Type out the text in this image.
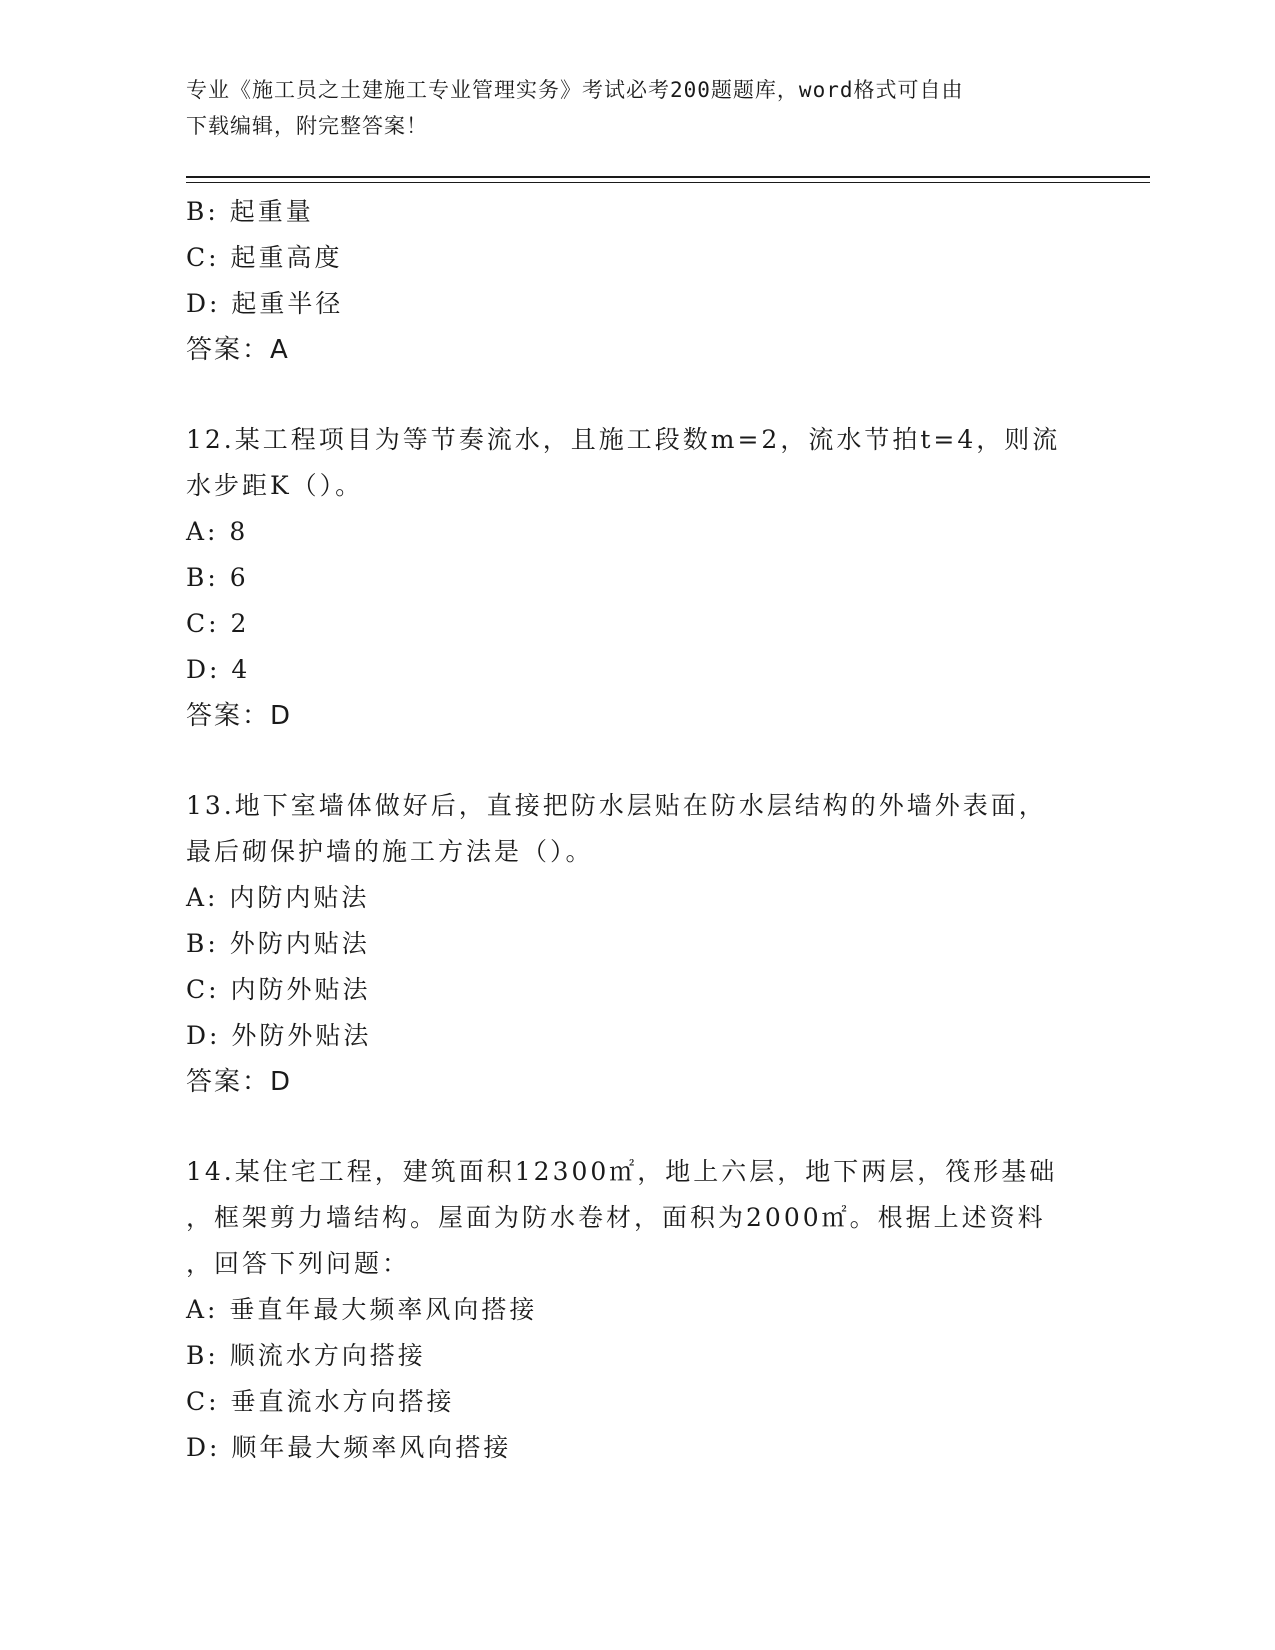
专业《施工员之土建施工专业管理实务》考试必考200题题库，word格式可自由
下载编辑，附完整答案！
B: 起重量
C: 起重高度
D: 起重半径
答案：A
12.某工程项目为等节奏流水，且施工段数m=2，流水节拍t=4，则流
水步距K（）。
A: 8
B: 6
C: 2
D: 4
答案：D
13.地下室墙体做好后，直接把防水层贴在防水层结构的外墙外表面，
最后砌保护墙的施工方法是（）。
A: 内防内贴法
B: 外防内贴法
C: 内防外贴法
D: 外防外贴法
答案：D
14.某住宅工程，建筑面积12300㎡，地上六层，地下两层，筏形基础
，框架剪力墙结构。屋面为防水卷材，面积为2000㎡。根据上述资料
，回答下列问题：
A: 垂直年最大频率风向搭接
B: 顺流水方向搭接
C: 垂直流水方向搭接
D: 顺年最大频率风向搭接
